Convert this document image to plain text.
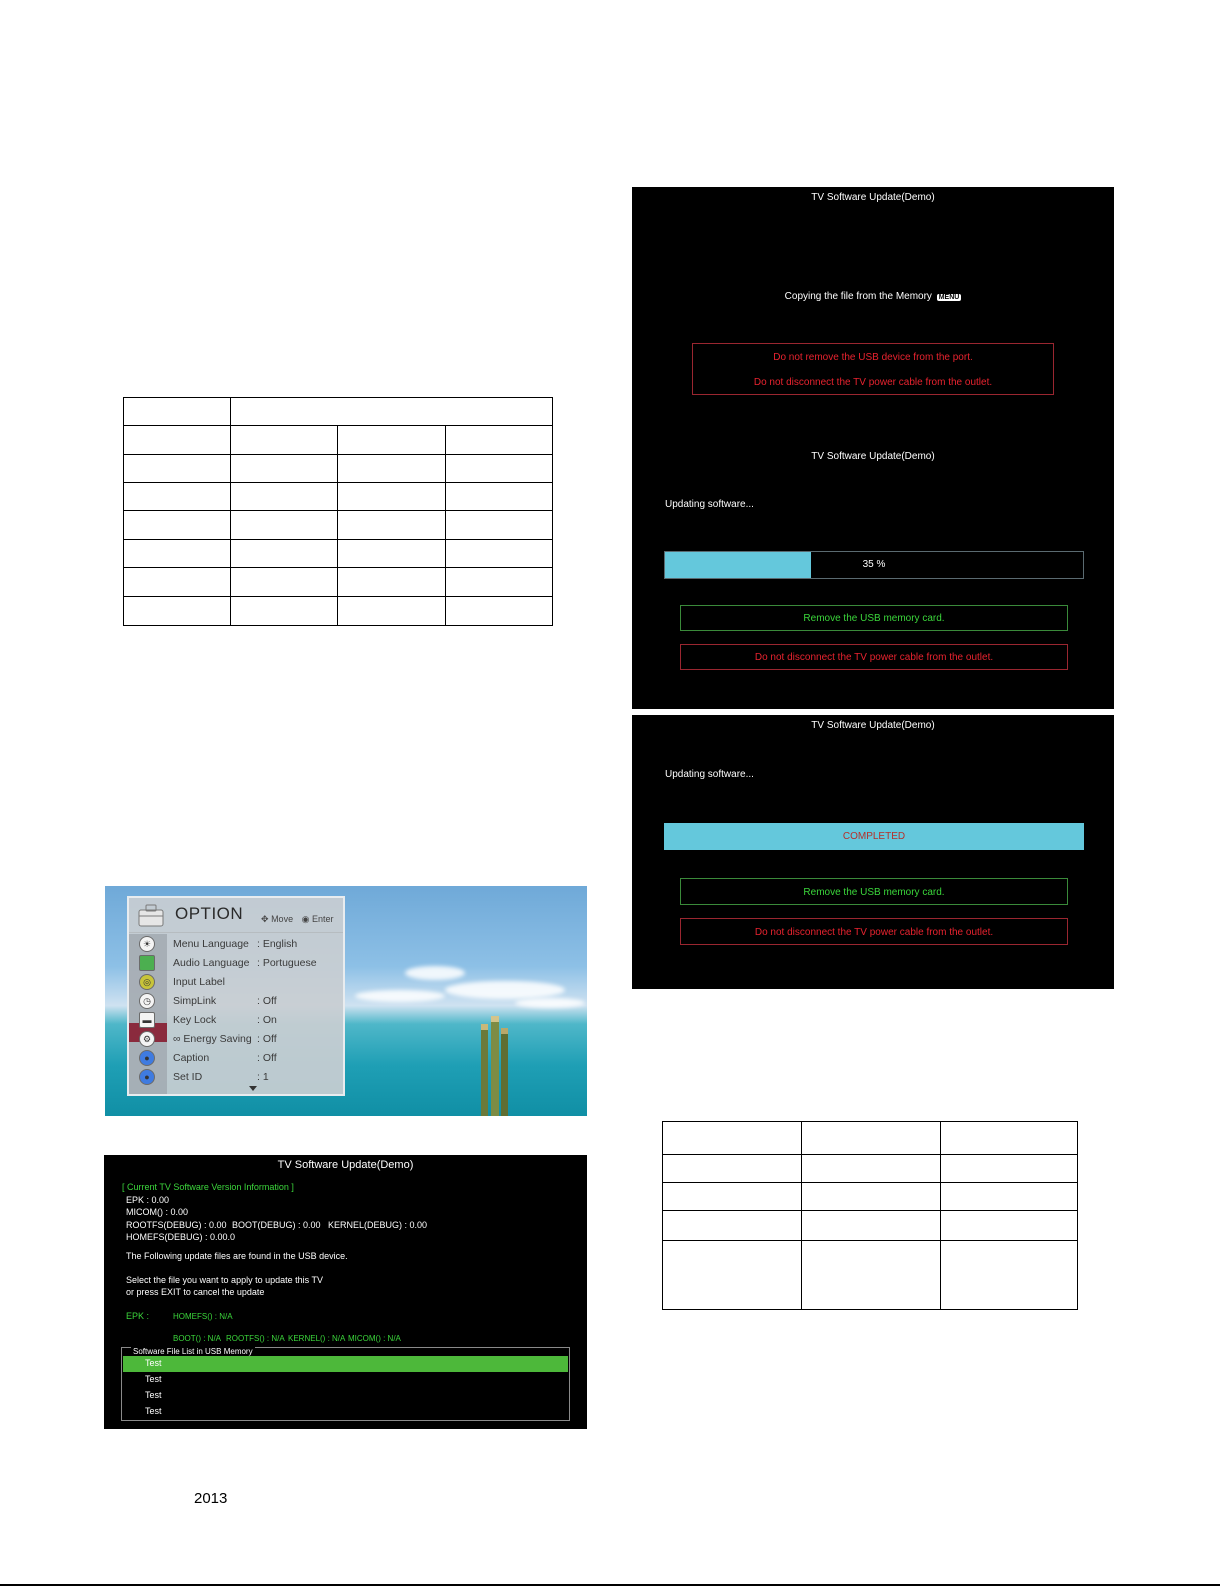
OPTION ✥ Move ◉ Enter
☀
◎
◷
▬
⚙
●
●
Menu Language : English
Audio Language : Portuguese
Input Label
SimpLink	: Off
Key Lock	: On
∞ Energy Saving : Off
Caption	: Off
Set ID	: 1
TV Software Update(Demo)
[ Current TV Software Version Information ]
EPK : 0.00
MICOM() : 0.00
ROOTFS(DEBUG) : 0.00 BOOT(DEBUG) : 0.00 KERNEL(DEBUG) : 0.00
HOMEFS(DEBUG) : 0.00.0
The Following update files are found in the USB device.
Select the file you want to apply to update this TV
or press EXIT to cancel the update
EPK :	HOMEFS() : N/A
BOOT() : N/A ROOTFS() : N/A KERNEL() : N/A MICOM() : N/A
Software File List in USB Memory
Test
Test
Test
Test
TV Software Update(Demo)
Copying the file from the Memory MENU
Do not remove the USB device from the port.
Do not disconnect the TV power cable from the outlet.
TV Software Update(Demo)
Updating software...
35 %
Remove the USB memory card.
Do not disconnect the TV power cable from the outlet.
TV Software Update(Demo)
Updating software...
COMPLETED
Remove the USB memory card.
Do not disconnect the TV power cable from the outlet.

2013
